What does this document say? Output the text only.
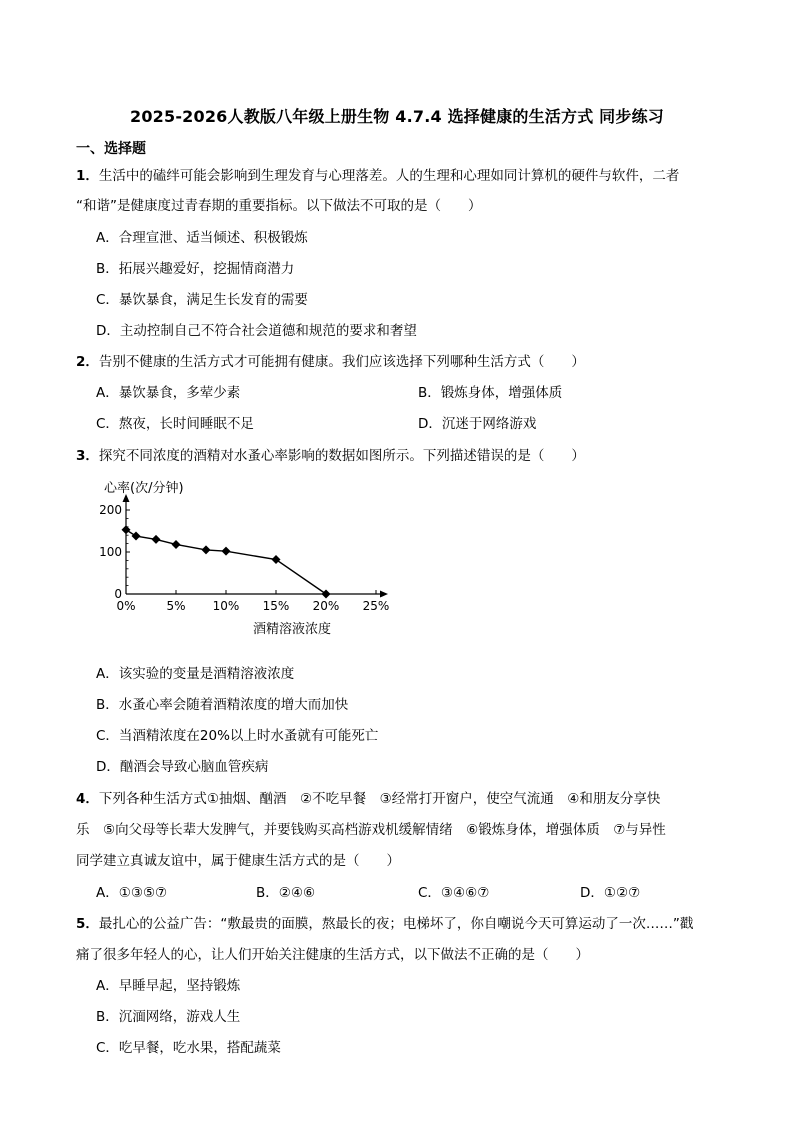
2025-2026人教版八年级上册生物 4.7.4 选择健康的生活方式 同步练习
一、选择题
1．生活中的磕绊可能会影响到生理发育与心理落差。人的生理和心理如同计算机的硬件与软件，二者
“和谐”是健康度过青春期的重要指标。以下做法不可取的是（　　）
A．合理宣泄、适当倾述、积极锻炼
B．拓展兴趣爱好，挖掘情商潜力
C．暴饮暴食，满足生长发育的需要
D．主动控制自己不符合社会道德和规范的要求和奢望
2．告别不健康的生活方式才可能拥有健康。我们应该选择下列哪种生活方式（　　）
A．暴饮暴食，多荤少素	B．锻炼身体，增强体质
C．熬夜，长时间睡眠不足	D．沉迷于网络游戏
3．探究不同浓度的酒精对水蚤心率影响的数据如图所示。下列描述错误的是（　　）
心率(次/分钟)
0
100
200
0%	5% 10% 15% 20% 25%
酒精溶液浓度
A．该实验的变量是酒精溶液浓度
B．水蚤心率会随着酒精浓度的增大而加快
C．当酒精浓度在20%以上时水蚤就有可能死亡
D．酗酒会导致心脑血管疾病
4．下列各种生活方式①抽烟、酗酒　②不吃早餐　③经常打开窗户，使空气流通　④和朋友分享快
乐　⑤向父母等长辈大发脾气，并要钱购买高档游戏机缓解情绪　⑥锻炼身体，增强体质　⑦与异性
同学建立真诚友谊中，属于健康生活方式的是（　　）
A．①③⑤⑦	B．②④⑥	C．③④⑥⑦	D．①②⑦
5．最扎心的公益广告：“敷最贵的面膜，熬最长的夜；电梯坏了，你自嘲说今天可算运动了一次……”戳
痛了很多年轻人的心，让人们开始关注健康的生活方式，以下做法不正确的是（　　）
A．早睡早起，坚持锻炼
B．沉湎网络，游戏人生
C．吃早餐，吃水果，搭配蔬菜
